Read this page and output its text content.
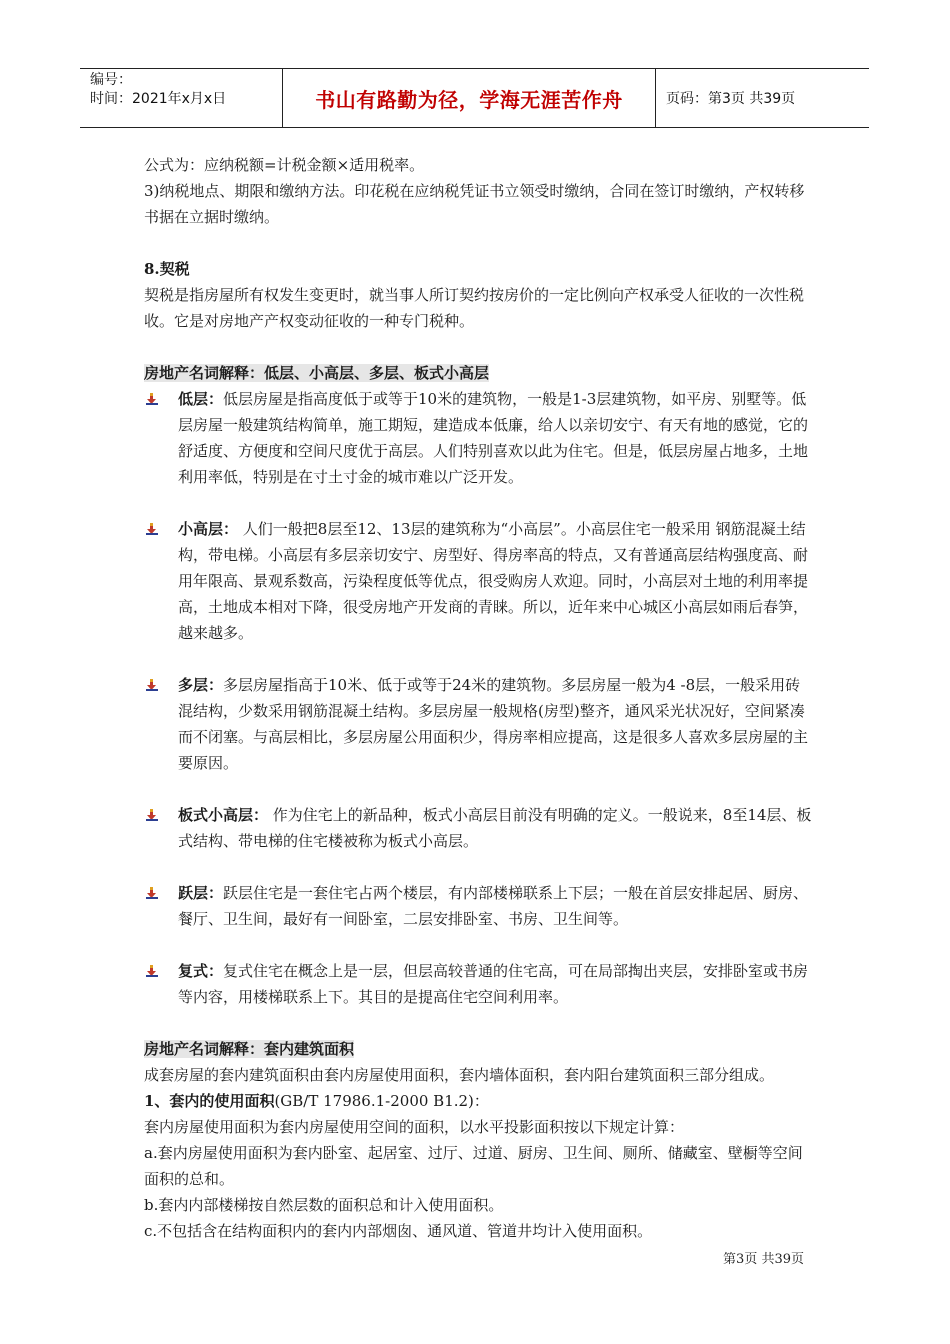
编号：
时间：2021年x月x日	书山有路勤为径，学海无涯苦作舟	页码：第3页 共39页

公式为：应纳税额=计税金额×适用税率。

3)纳税地点、期限和缴纳方法。印花税在应纳税凭证书立领受时缴纳，合同在签订时缴纳，产权转移书据在立据时缴纳。

8.契税

契税是指房屋所有权发生变更时，就当事人所订契约按房价的一定比例向产权承受人征收的一次性税收。它是对房地产产权变动征收的一种专门税种。

房地产名词解释：低层、小高层、多层、板式小高层

低层：低层房屋是指高度低于或等于10米的建筑物，一般是1-3层建筑物，如平房、别墅等。低层房屋一般建筑结构简单，施工期短，建造成本低廉，给人以亲切安宁、有天有地的感觉，它的舒适度、方便度和空间尺度优于高层。人们特别喜欢以此为住宅。但是，低层房屋占地多，土地利用率低，特别是在寸土寸金的城市难以广泛开发。
小高层： 人们一般把8层至12、13层的建筑称为“小高层”。小高层住宅一般采用 钢筋混凝土结构，带电梯。小高层有多层亲切安宁、房型好、得房率高的特点，又有普通高层结构强度高、耐用年限高、景观系数高，污染程度低等优点，很受购房人欢迎。同时，小高层对土地的利用率提高，土地成本相对下降，很受房地产开发商的青睐。所以，近年来中心城区小高层如雨后春笋，越来越多。
多层：多层房屋指高于10米、低于或等于24米的建筑物。多层房屋一般为4 -8层，一般采用砖混结构，少数采用钢筋混凝土结构。多层房屋一般规格(房型)整齐，通风采光状况好，空间紧凑而不闭塞。与高层相比，多层房屋公用面积少，得房率相应提高，这是很多人喜欢多层房屋的主要原因。
板式小高层： 作为住宅上的新品种，板式小高层目前没有明确的定义。一般说来，8至14层、板式结构、带电梯的住宅楼被称为板式小高层。
跃层：跃层住宅是一套住宅占两个楼层，有内部楼梯联系上下层；一般在首层安排起居、厨房、餐厅、卫生间，最好有一间卧室，二层安排卧室、书房、卫生间等。
复式：复式住宅在概念上是一层，但层高较普通的住宅高，可在局部掏出夹层，安排卧室或书房等内容，用楼梯联系上下。其目的是提高住宅空间利用率。

房地产名词解释：套内建筑面积

成套房屋的套内建筑面积由套内房屋使用面积，套内墙体面积，套内阳台建筑面积三部分组成。

1、套内的使用面积(GB/T 17986.1-2000 B1.2)：

套内房屋使用面积为套内房屋使用空间的面积，以水平投影面积按以下规定计算：

a.套内房屋使用面积为套内卧室、起居室、过厅、过道、厨房、卫生间、厕所、储藏室、壁橱等空间面积的总和。

b.套内内部楼梯按自然层数的面积总和计入使用面积。

c.不包括含在结构面积内的套内内部烟囱、通风道、管道井均计入使用面积。

第3页 共39页
